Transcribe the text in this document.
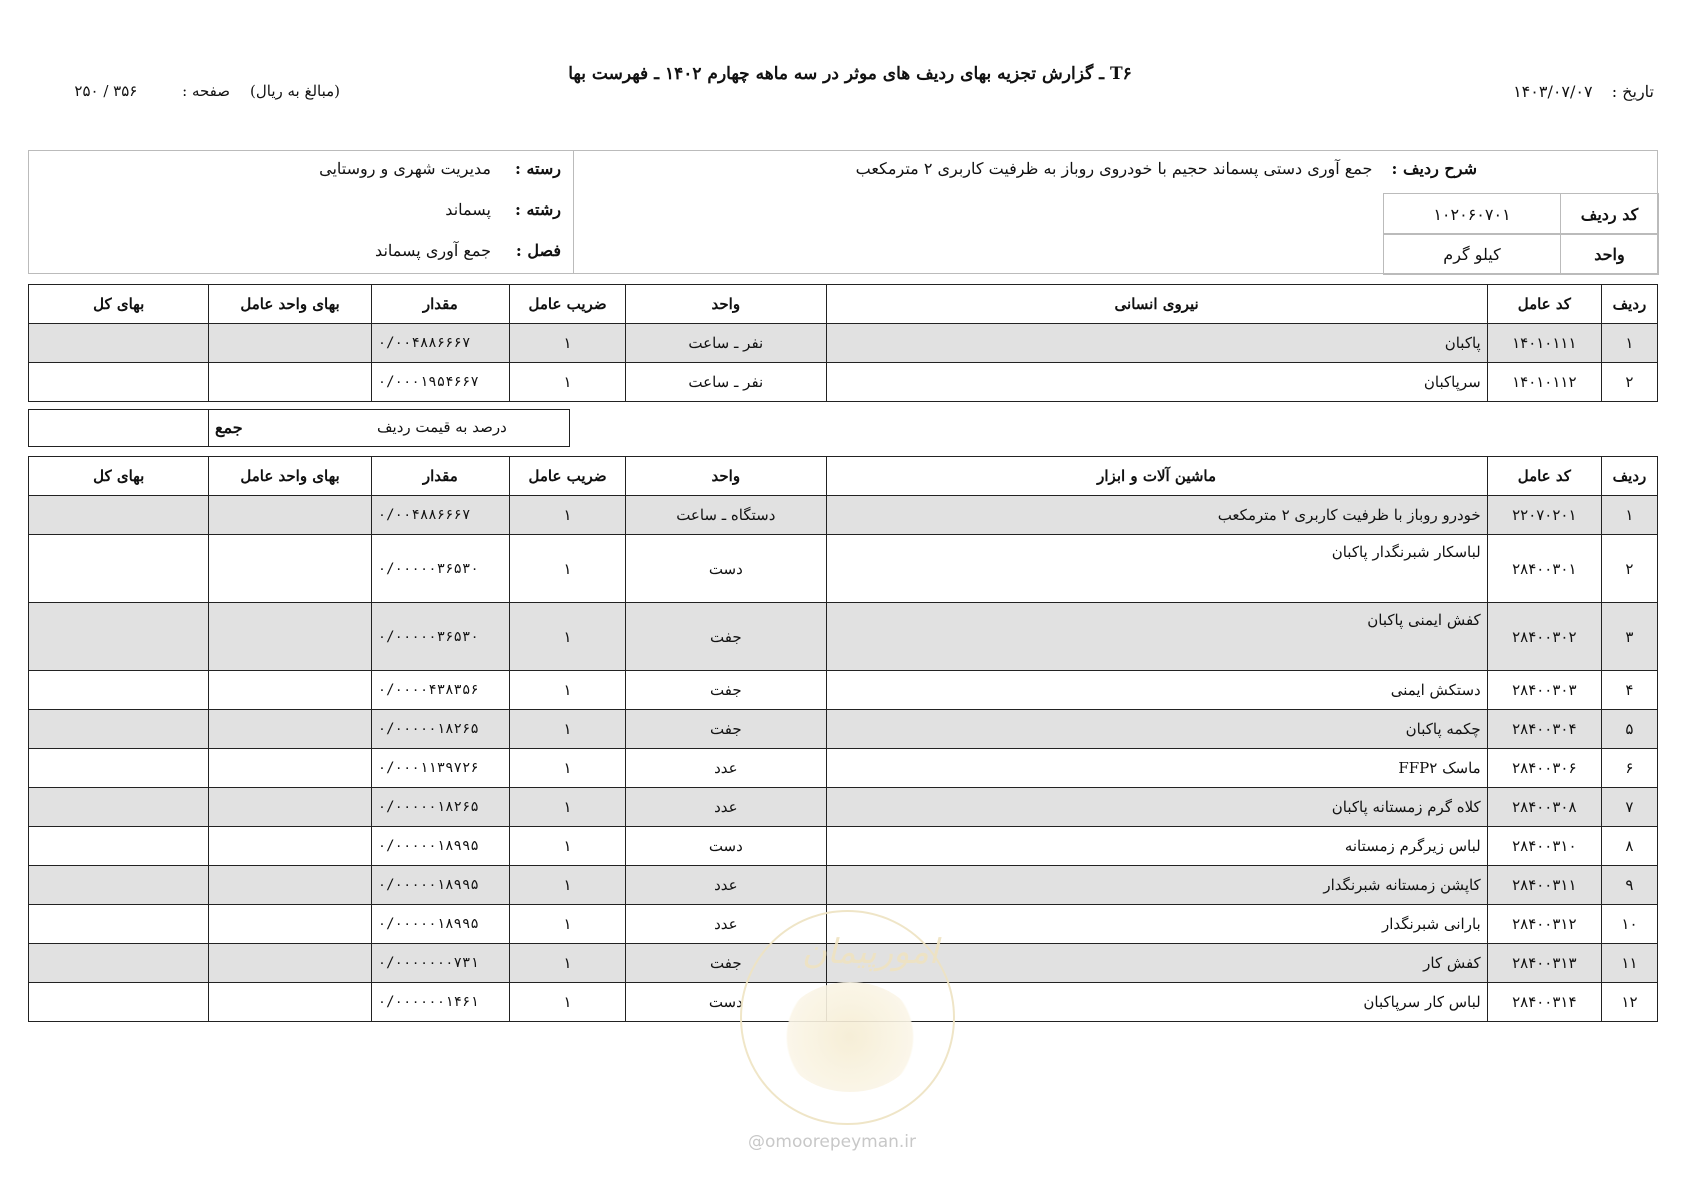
T۶ ـ گزارش تجزیه بهای ردیف های موثر در سه ماهه چهارم ۱۴۰۲ ـ فهرست بها
تاریخ : ۱۴۰۳/۰۷/۰۷
(مبالغ به ریال)
صفحه : ۳۵۶ / ۲۵۰
شرح ردیف : جمع آوری دستی پسماند حجیم با خودروی روباز به ظرفیت کاربری ۲ مترمکعب
کد ردیف
۱۰۲۰۶۰۷۰۱
واحد
کیلو گرم
رسته :
مدیریت شهری و روستایی
رشته :
پسماند
فصل :
جمع آوری پسماند
ردیف	کد عامل	نیروی انسانی	واحد	ضریب عامل	مقدار	بهای واحد عامل	بهای کل
۱	۱۴۰۱۰۱۱۱	پاکبان	نفر ـ ساعت	۱	۰/۰۰۴۸۸۶۶۶۷		
۲	۱۴۰۱۰۱۱۲	سرپاکبان	نفر ـ ساعت	۱	۰/۰۰۰۱۹۵۴۶۶۷		
جمع	درصد به قیمت ردیف
ردیف	کد عامل	ماشین آلات و ابزار	واحد	ضریب عامل	مقدار	بهای واحد عامل	بهای کل
۱	۲۲۰۷۰۲۰۱	خودرو روباز با ظرفیت کاربری ۲ مترمکعب	دستگاه ـ ساعت	۱	۰/۰۰۴۸۸۶۶۶۷		
۲	۲۸۴۰۰۳۰۱	لباسکار شبرنگدار پاکبان	دست	۱	۰/۰۰۰۰۰۳۶۵۳۰		
۳	۲۸۴۰۰۳۰۲	کفش ایمنی پاکبان	جفت	۱	۰/۰۰۰۰۰۳۶۵۳۰		
۴	۲۸۴۰۰۳۰۳	دستکش ایمنی	جفت	۱	۰/۰۰۰۰۴۳۸۳۵۶		
۵	۲۸۴۰۰۳۰۴	چکمه پاکبان	جفت	۱	۰/۰۰۰۰۰۱۸۲۶۵		
۶	۲۸۴۰۰۳۰۶	ماسک FFP۲	عدد	۱	۰/۰۰۰۱۱۳۹۷۲۶		
۷	۲۸۴۰۰۳۰۸	کلاه گرم زمستانه پاکبان	عدد	۱	۰/۰۰۰۰۰۱۸۲۶۵		
۸	۲۸۴۰۰۳۱۰	لباس زیرگرم زمستانه	دست	۱	۰/۰۰۰۰۰۱۸۹۹۵		
۹	۲۸۴۰۰۳۱۱	کاپشن زمستانه شبرنگدار	عدد	۱	۰/۰۰۰۰۰۱۸۹۹۵		
۱۰	۲۸۴۰۰۳۱۲	بارانی شبرنگدار	عدد	۱	۰/۰۰۰۰۰۱۸۹۹۵		
۱۱	۲۸۴۰۰۳۱۳	کفش کار	جفت	۱	۰/۰۰۰۰۰۰۰۷۳۱		
۱۲	۲۸۴۰۰۳۱۴	لباس کار سرپاکبان	دست	۱	۰/۰۰۰۰۰۰۱۴۶۱		
امورپیمان
@omoorepeyman.ir
